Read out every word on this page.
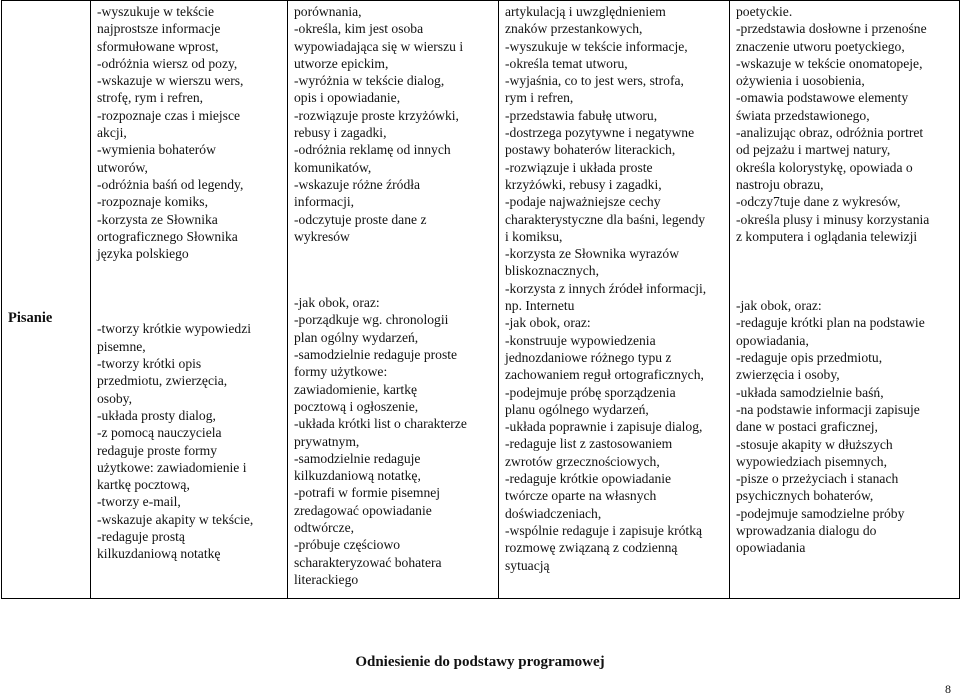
Pisanie

-wyszukuje w tekście
najprostsze informacje
sformułowane wprost,
-odróżnia wiersz od pozy,
-wskazuje w wierszu wers,
strofę, rym i refren,
-rozpoznaje czas i miejsce
akcji,
-wymienia bohaterów
utworów,
-odróżnia baśń od legendy,
-rozpoznaje komiks,
-korzysta ze Słownika
ortograficznego Słownika
języka polskiego
-tworzy krótkie wypowiedzi
pisemne,
-tworzy krótki opis
przedmiotu, zwierzęcia,
osoby,
-układa prosty dialog,
-z pomocą nauczyciela
redaguje proste formy
użytkowe: zawiadomienie i
kartkę pocztową,
-tworzy e-mail,
-wskazuje akapity w tekście,
-redaguje prostą
kilkuzdaniową notatkę

porównania,
-określa, kim jest osoba
wypowiadająca się w wierszu i
utworze epickim,
-wyróżnia w tekście dialog,
opis i opowiadanie,
-rozwiązuje proste krzyżówki,
rebusy i zagadki,
-odróżnia reklamę od innych
komunikatów,
-wskazuje różne źródła
informacji,
-odczytuje proste dane z
wykresów
-jak obok, oraz:
-porządkuje wg. chronologii
plan ogólny wydarzeń,
-samodzielnie redaguje proste
formy użytkowe:
zawiadomienie, kartkę
pocztową i ogłoszenie,
-układa krótki list o charakterze
prywatnym,
-samodzielnie redaguje
kilkuzdaniową notatkę,
-potrafi w formie pisemnej
zredagować opowiadanie
odtwórcze,
-próbuje częściowo
scharakteryzować bohatera
literackiego

artykulacją i uwzględnieniem
znaków przestankowych,
-wyszukuje w tekście informacje,
-określa temat utworu,
-wyjaśnia, co to jest wers, strofa,
rym i refren,
-przedstawia fabułę utworu,
-dostrzega pozytywne i negatywne
postawy bohaterów literackich,
-rozwiązuje i układa proste
krzyżówki, rebusy i zagadki,
-podaje najważniejsze cechy
charakterystyczne dla baśni, legendy
i komiksu,
-korzysta ze Słownika wyrazów
bliskoznacznych,
-korzysta z innych źródeł informacji,
np. Internetu
-jak obok, oraz:
-konstruuje wypowiedzenia
jednozdaniowe różnego typu z
zachowaniem reguł ortograficznych,
-podejmuje próbę sporządzenia
planu ogólnego wydarzeń,
-układa poprawnie i zapisuje dialog,
-redaguje list z zastosowaniem
zwrotów grzecznościowych,
-redaguje krótkie opowiadanie
twórcze oparte na własnych
doświadczeniach,
-wspólnie redaguje i zapisuje krótką
rozmowę związaną z codzienną
sytuacją

poetyckie.
-przedstawia dosłowne i przenośne
znaczenie utworu poetyckiego,
-wskazuje w tekście onomatopeje,
ożywienia i uosobienia,
-omawia podstawowe elementy
świata przedstawionego,
-analizując obraz, odróżnia portret
od pejzażu i martwej natury,
określa kolorystykę, opowiada o
nastroju obrazu,
-odczy7tuje dane z wykresów,
-określa plusy i minusy korzystania
z komputera i oglądania telewizji
-jak obok, oraz:
-redaguje krótki plan na podstawie
opowiadania,
-redaguje opis przedmiotu,
zwierzęcia i osoby,
-układa samodzielnie baśń,
-na podstawie informacji zapisuje
dane w postaci graficznej,
-stosuje akapity w dłuższych
wypowiedziach pisemnych,
-pisze o przeżyciach i stanach
psychicznych bohaterów,
-podejmuje samodzielne próby
wprowadzania dialogu do
opowiadania
Odniesienie do podstawy programowej
8
